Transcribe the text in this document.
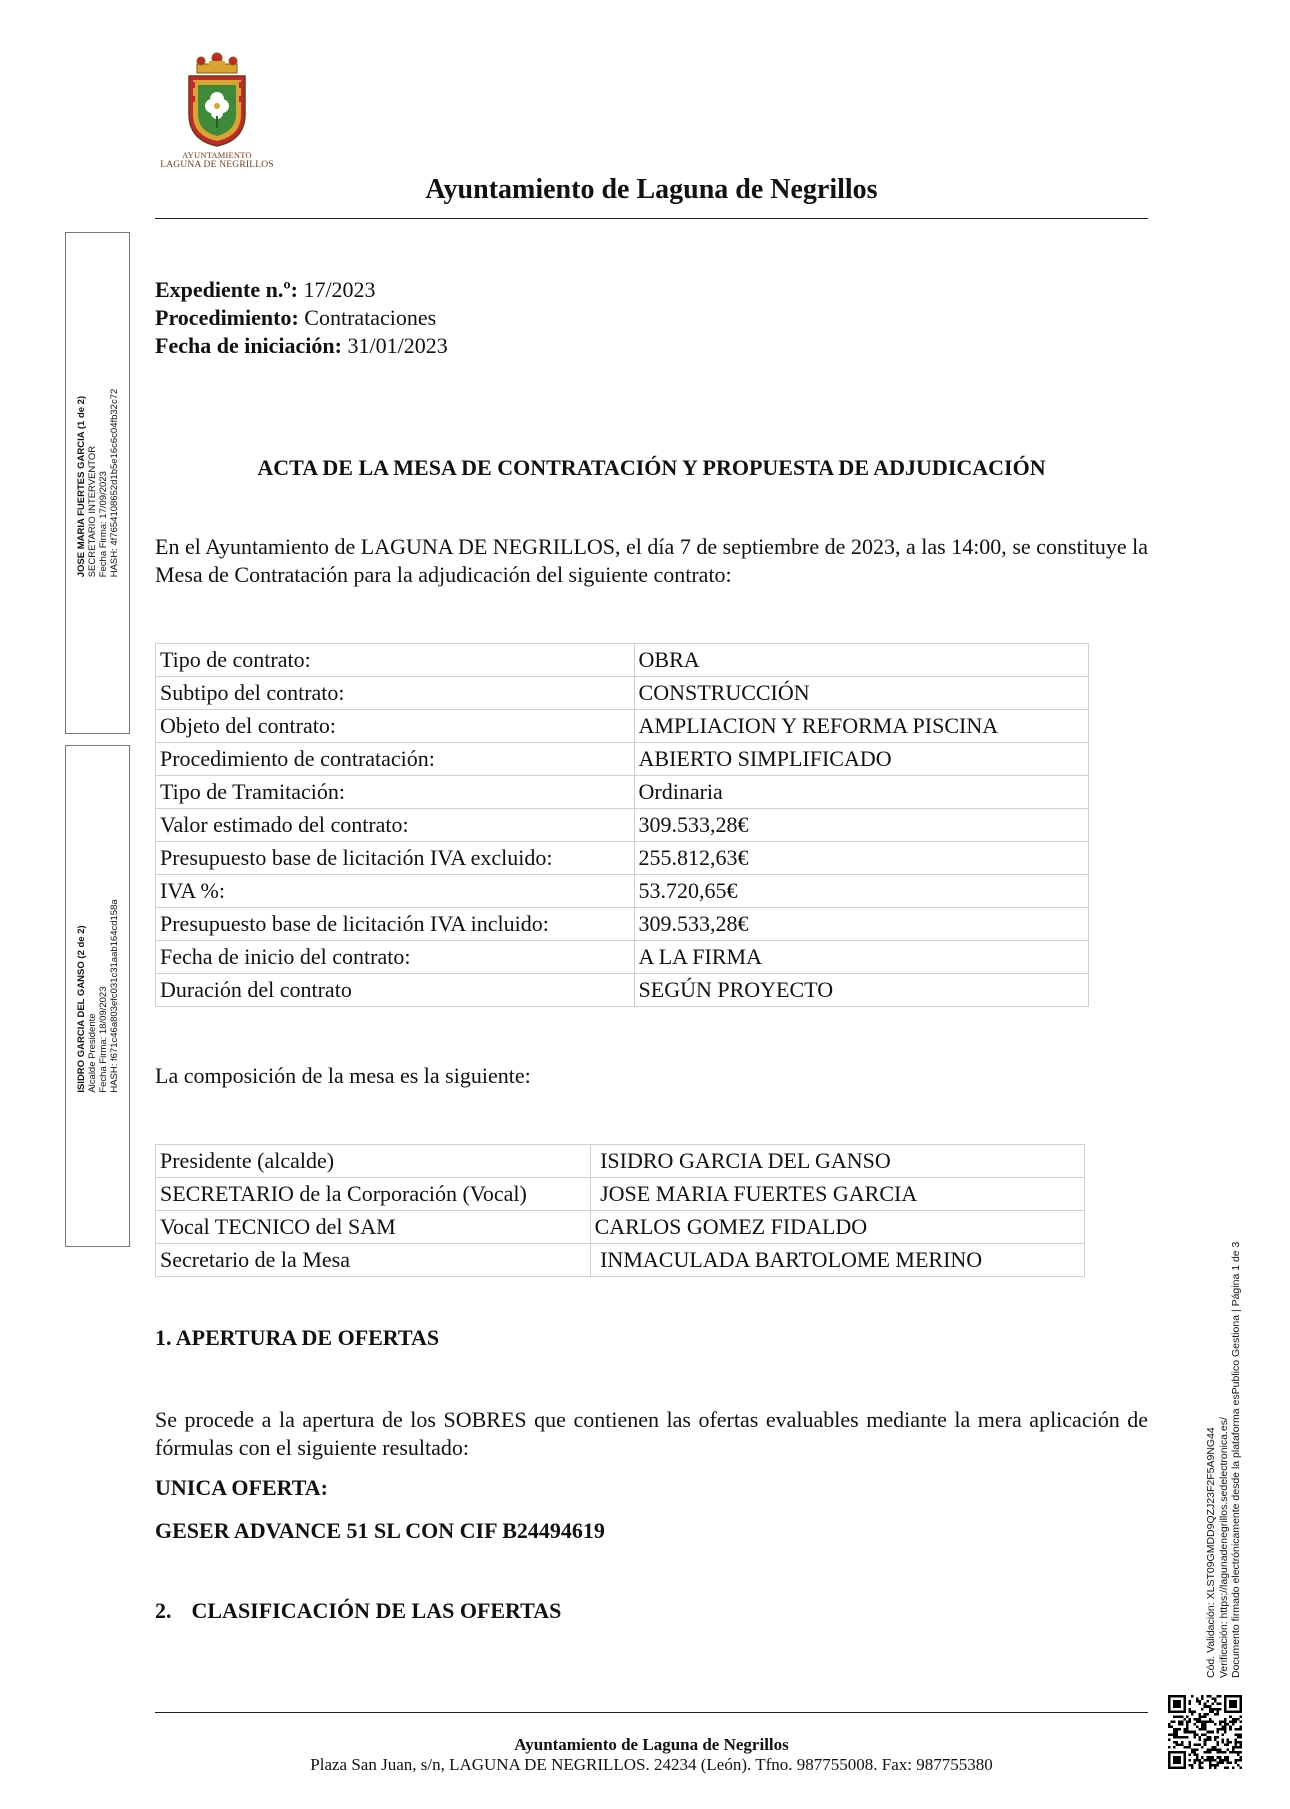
AYUNTAMIENTO
LAGUNA DE NEGRILLOS
Ayuntamiento de Laguna de Negrillos
JOSE MARIA FUERTES GARCIA (1 de 2) SECRETARIO INTERVENTOR Fecha Firma: 17/09/2023 HASH: 4f7654108652d1b5e16c6c04fb32c72
ISIDRO GARCIA DEL GANSO (2 de 2) Alcalde Presidente Fecha Firma: 18/09/2023 HASH: f671c46a803efc031c31aab164cd158a
Expediente n.º: 17/2023
Procedimiento: Contrataciones
Fecha de iniciación: 31/01/2023
ACTA DE LA MESA DE CONTRATACIÓN Y PROPUESTA DE ADJUDICACIÓN
En el Ayuntamiento de LAGUNA DE NEGRILLOS, el día 7 de septiembre de 2023, a las 14:00, se constituye la Mesa de Contratación para la adjudicación del siguiente contrato:
Tipo de contrato:	OBRA
Subtipo del contrato:	CONSTRUCCIÓN
Objeto del contrato:	AMPLIACION Y REFORMA PISCINA
Procedimiento de contratación:	ABIERTO SIMPLIFICADO
Tipo de Tramitación:	Ordinaria
Valor estimado del contrato:	309.533,28€
Presupuesto base de licitación IVA excluido:	255.812,63€
IVA %:	53.720,65€
Presupuesto base de licitación IVA incluido:	309.533,28€
Fecha de inicio del contrato:	A LA FIRMA
Duración del contrato	SEGÚN PROYECTO
La composición de la mesa es la siguiente:
Presidente (alcalde)	ISIDRO GARCIA DEL GANSO
SECRETARIO de la Corporación (Vocal)	JOSE MARIA FUERTES GARCIA
Vocal TECNICO del SAM	CARLOS GOMEZ FIDALDO
Secretario de la Mesa	INMACULADA BARTOLOME MERINO
1. APERTURA DE OFERTAS
Se procede a la apertura de los SOBRES que contienen las ofertas evaluables mediante la mera aplicación de fórmulas con el siguiente resultado:
UNICA OFERTA:
GESER ADVANCE 51 SL CON CIF B24494619
2. CLASIFICACIÓN DE LAS OFERTAS	Cód. Validación: XLST09GMDD9QZJ23F2F5A9NG44 Verificación: https://lagunadenegrillos.sedelectronica.es/ Documento firmado electrónicamente desde la plataforma esPublico Gestiona | Página 1 de 3
Ayuntamiento de Laguna de Negrillos
Plaza San Juan, s/n, LAGUNA DE NEGRILLOS. 24234 (León). Tfno. 987755008. Fax: 987755380
